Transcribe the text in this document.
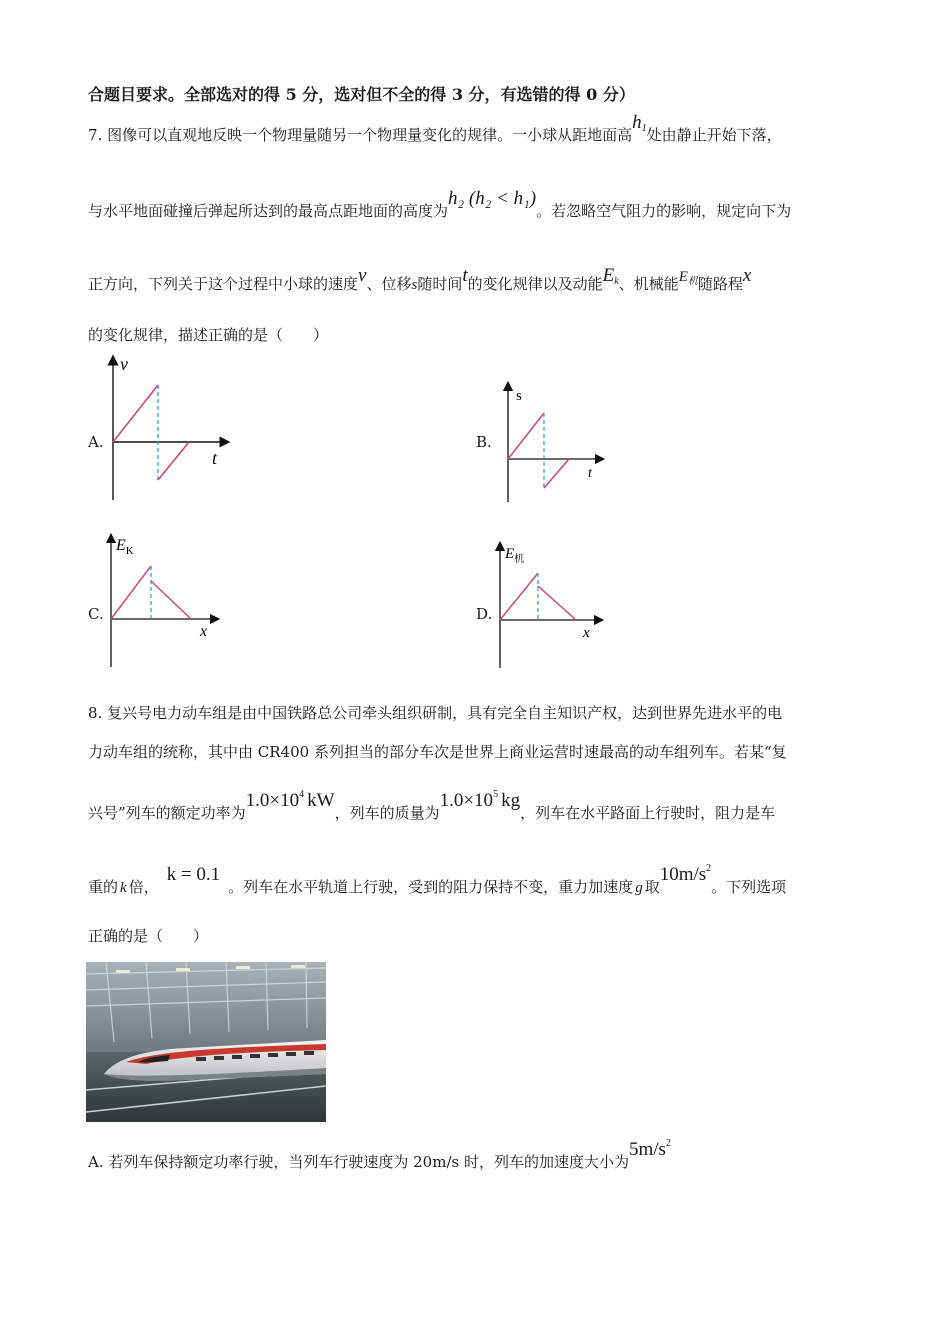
合题目要求。全部选对的得 5 分，选对但不全的得 3 分，有选错的得 0 分）
7. 图像可以直观地反映一个物理量随另一个物理量变化的规律。一小球从距地面高$h_1$处由静止开始下落，
与水平地面碰撞后弹起所达到的最高点距地面的高度为h₂ (h₂ < h₁)。若忽略空气阻力的影响，规定向下为
正方向，下列关于这个过程中小球的速度v、位移s随时间t的变化规律以及动能$E_k$、机械能$E_机$随路程x
的变化规律，描述正确的是（　　）
A.
v
t
B.
s
t
C.
$E_K$
x
D.
$E_机$
x
8. 复兴号电力动车组是由中国铁路总公司牵头组织研制，具有完全自主知识产权，达到世界先进水平的电
力动车组的统称，其中由 CR400 系列担当的部分车次是世界上商业运营时速最高的动车组列车。若某“复
兴号”列车的额定功率为$1.0\times 10^4$ kW，列车的质量为$1.0\times 10^5$ kg，列车在水平路面上行驶时，阻力是车
重的 k 倍，k = 0.1。列车在水平轨道上行驶，受到的阻力保持不变，重力加速度 g 取$10m/s^2$。下列选项
正确的是（　　）
A. 若列车保持额定功率行驶，当列车行驶速度为 20m/s 时，列车的加速度大小为$5m/s^2$
